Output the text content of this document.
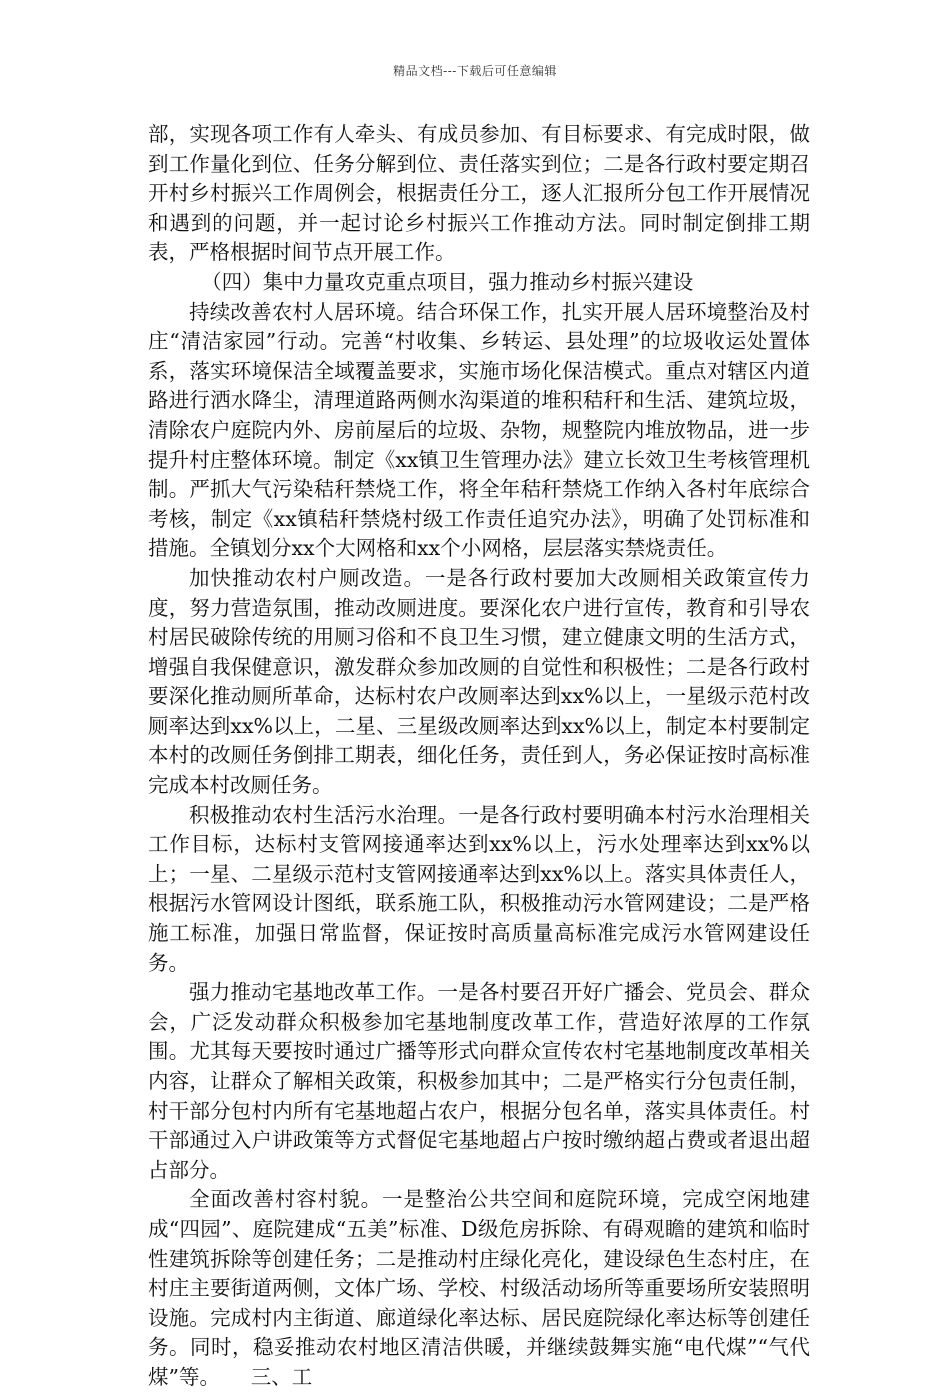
精品文档---下载后可任意编辑

部，实现各项工作有人牵头、有成员参加、有目标要求、有完成时限，做到工作量化到位、任务分解到位、责任落实到位；二是各行政村要定期召开村乡村振兴工作周例会，根据责任分工，逐人汇报所分包工作开展情况和遇到的问题，并一起讨论乡村振兴工作推动方法。同时制定倒排工期表，严格根据时间节点开展工作。

（四）集中力量攻克重点项目，强力推动乡村振兴建设

持续改善农村人居环境。结合环保工作，扎实开展人居环境整治及村庄“清洁家园”行动。完善“村收集、乡转运、县处理”的垃圾收运处置体系，落实环境保洁全域覆盖要求，实施市场化保洁模式。重点对辖区内道路进行洒水降尘，清理道路两侧水沟渠道的堆积秸秆和生活、建筑垃圾，清除农户庭院内外、房前屋后的垃圾、杂物，规整院内堆放物品，进一步提升村庄整体环境。制定《xx镇卫生管理办法》建立长效卫生考核管理机制。严抓大气污染秸秆禁烧工作，将全年秸秆禁烧工作纳入各村年底综合考核，制定《xx镇秸秆禁烧村级工作责任追究办法》，明确了处罚标准和措施。全镇划分xx个大网格和xx个小网格，层层落实禁烧责任。

加快推动农村户厕改造。一是各行政村要加大改厕相关政策宣传力度，努力营造氛围，推动改厕进度。要深化农户进行宣传，教育和引导农村居民破除传统的用厕习俗和不良卫生习惯，建立健康文明的生活方式，增强自我保健意识，激发群众参加改厕的自觉性和积极性；二是各行政村要深化推动厕所革命，达标村农户改厕率达到xx%以上，一星级示范村改厕率达到xx%以上，二星、三星级改厕率达到xx%以上，制定本村要制定本村的改厕任务倒排工期表，细化任务，责任到人，务必保证按时高标准完成本村改厕任务。

积极推动农村生活污水治理。一是各行政村要明确本村污水治理相关工作目标，达标村支管网接通率达到xx%以上，污水处理率达到xx%以上；一星、二星级示范村支管网接通率达到xx%以上。落实具体责任人，根据污水管网设计图纸，联系施工队，积极推动污水管网建设；二是严格施工标准，加强日常监督，保证按时高质量高标准完成污水管网建设任务。

强力推动宅基地改革工作。一是各村要召开好广播会、党员会、群众会，广泛发动群众积极参加宅基地制度改革工作，营造好浓厚的工作氛围。尤其每天要按时通过广播等形式向群众宣传农村宅基地制度改革相关内容，让群众了解相关政策，积极参加其中；二是严格实行分包责任制，村干部分包村内所有宅基地超占农户，根据分包名单，落实具体责任。村干部通过入户讲政策等方式督促宅基地超占户按时缴纳超占费或者退出超占部分。

全面改善村容村貌。一是整治公共空间和庭院环境，完成空闲地建成“四园”、庭院建成“五美”标准、D级危房拆除、有碍观瞻的建筑和临时性建筑拆除等创建任务；二是推动村庄绿化亮化，建设绿色生态村庄，在村庄主要街道两侧，文体广场、学校、村级活动场所等重要场所安装照明设施。完成村内主街道、廊道绿化率达标、居民庭院绿化率达标等创建任务。同时，稳妥推动农村地区清洁供暖，并继续鼓舞实施“电代煤”“气代煤”等。　　三、工
